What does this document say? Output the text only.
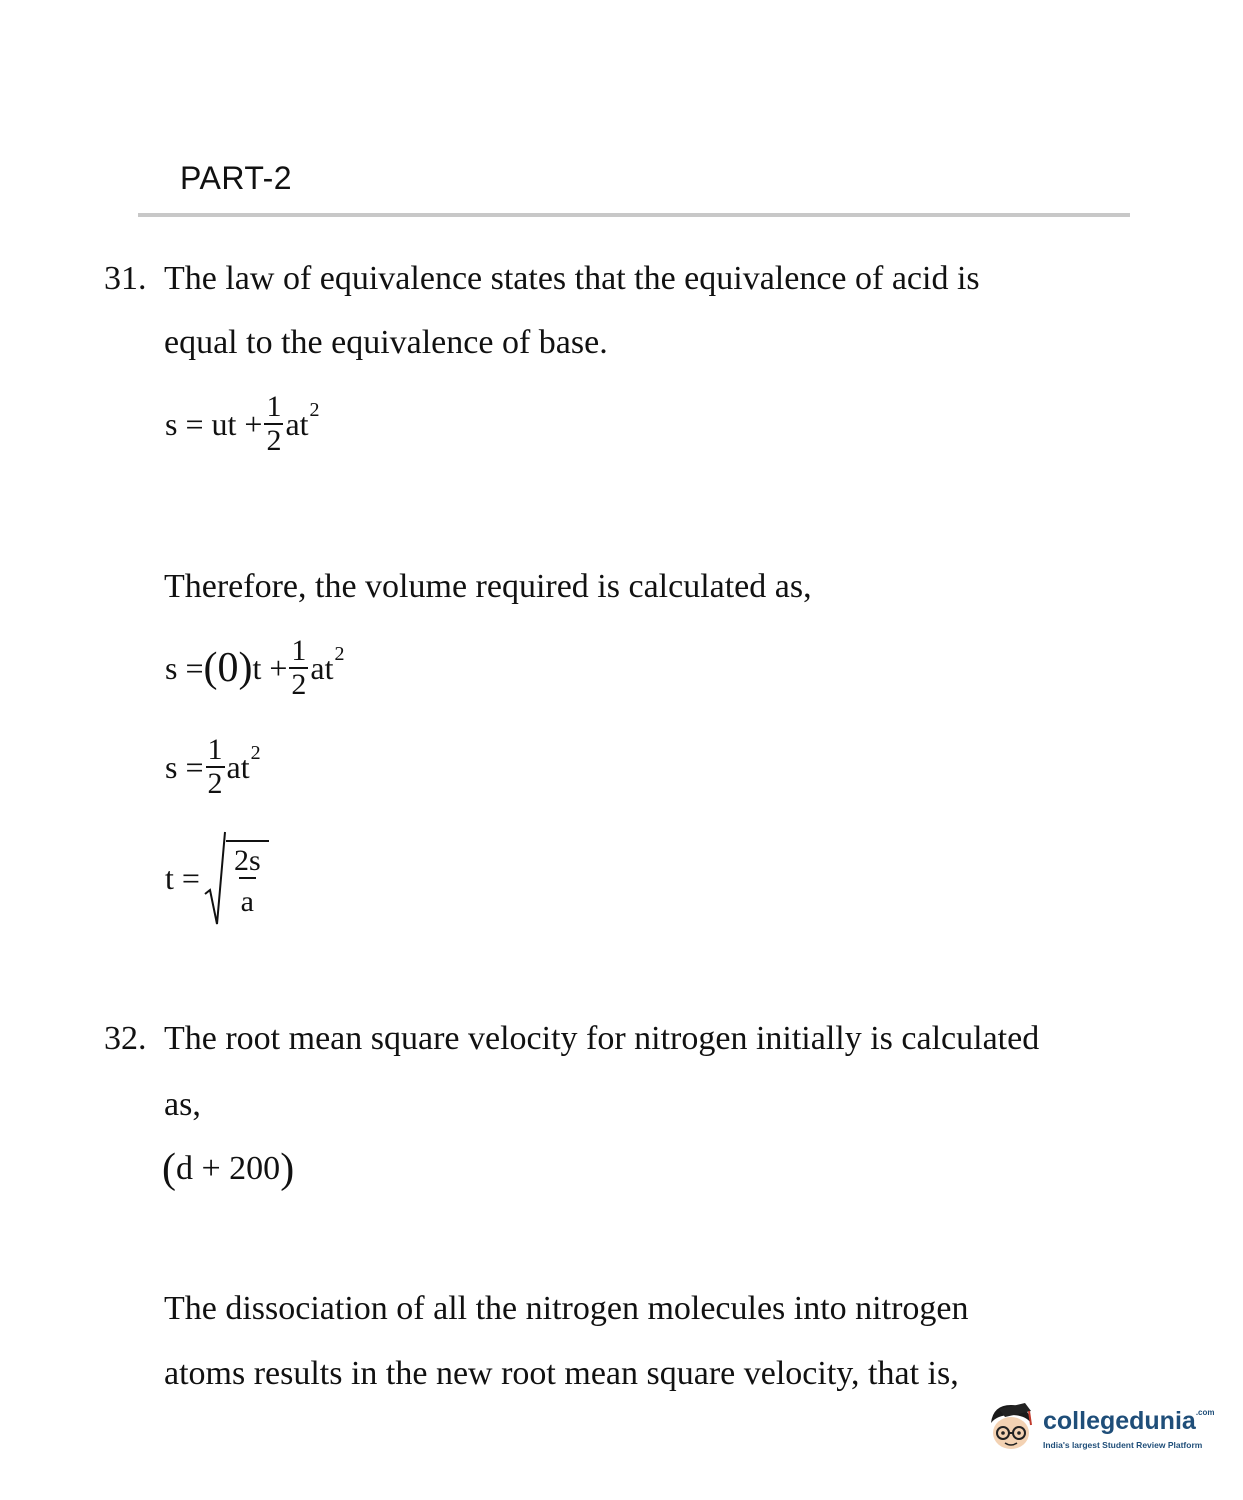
PART-2
31. The law of equivalence states that the equivalence of acid is
equal to the equivalence of base.
s = ut + $\frac{1}{2}$ at 2
Therefore, the volume required is calculated as,
s = (0) $t + \frac{1}{2}$ at 2
$s = \frac{1}{2}$ at 2
$t = \frac{2s}{a}$
32. The root mean square velocity for nitrogen initially is calculated
as,
( d + 200 )
The dissociation of all the nitrogen molecules into nitrogen
atoms results in the new root mean square velocity, that is,
collegedunia$^{.com}$
India's largest Student Review Platform
